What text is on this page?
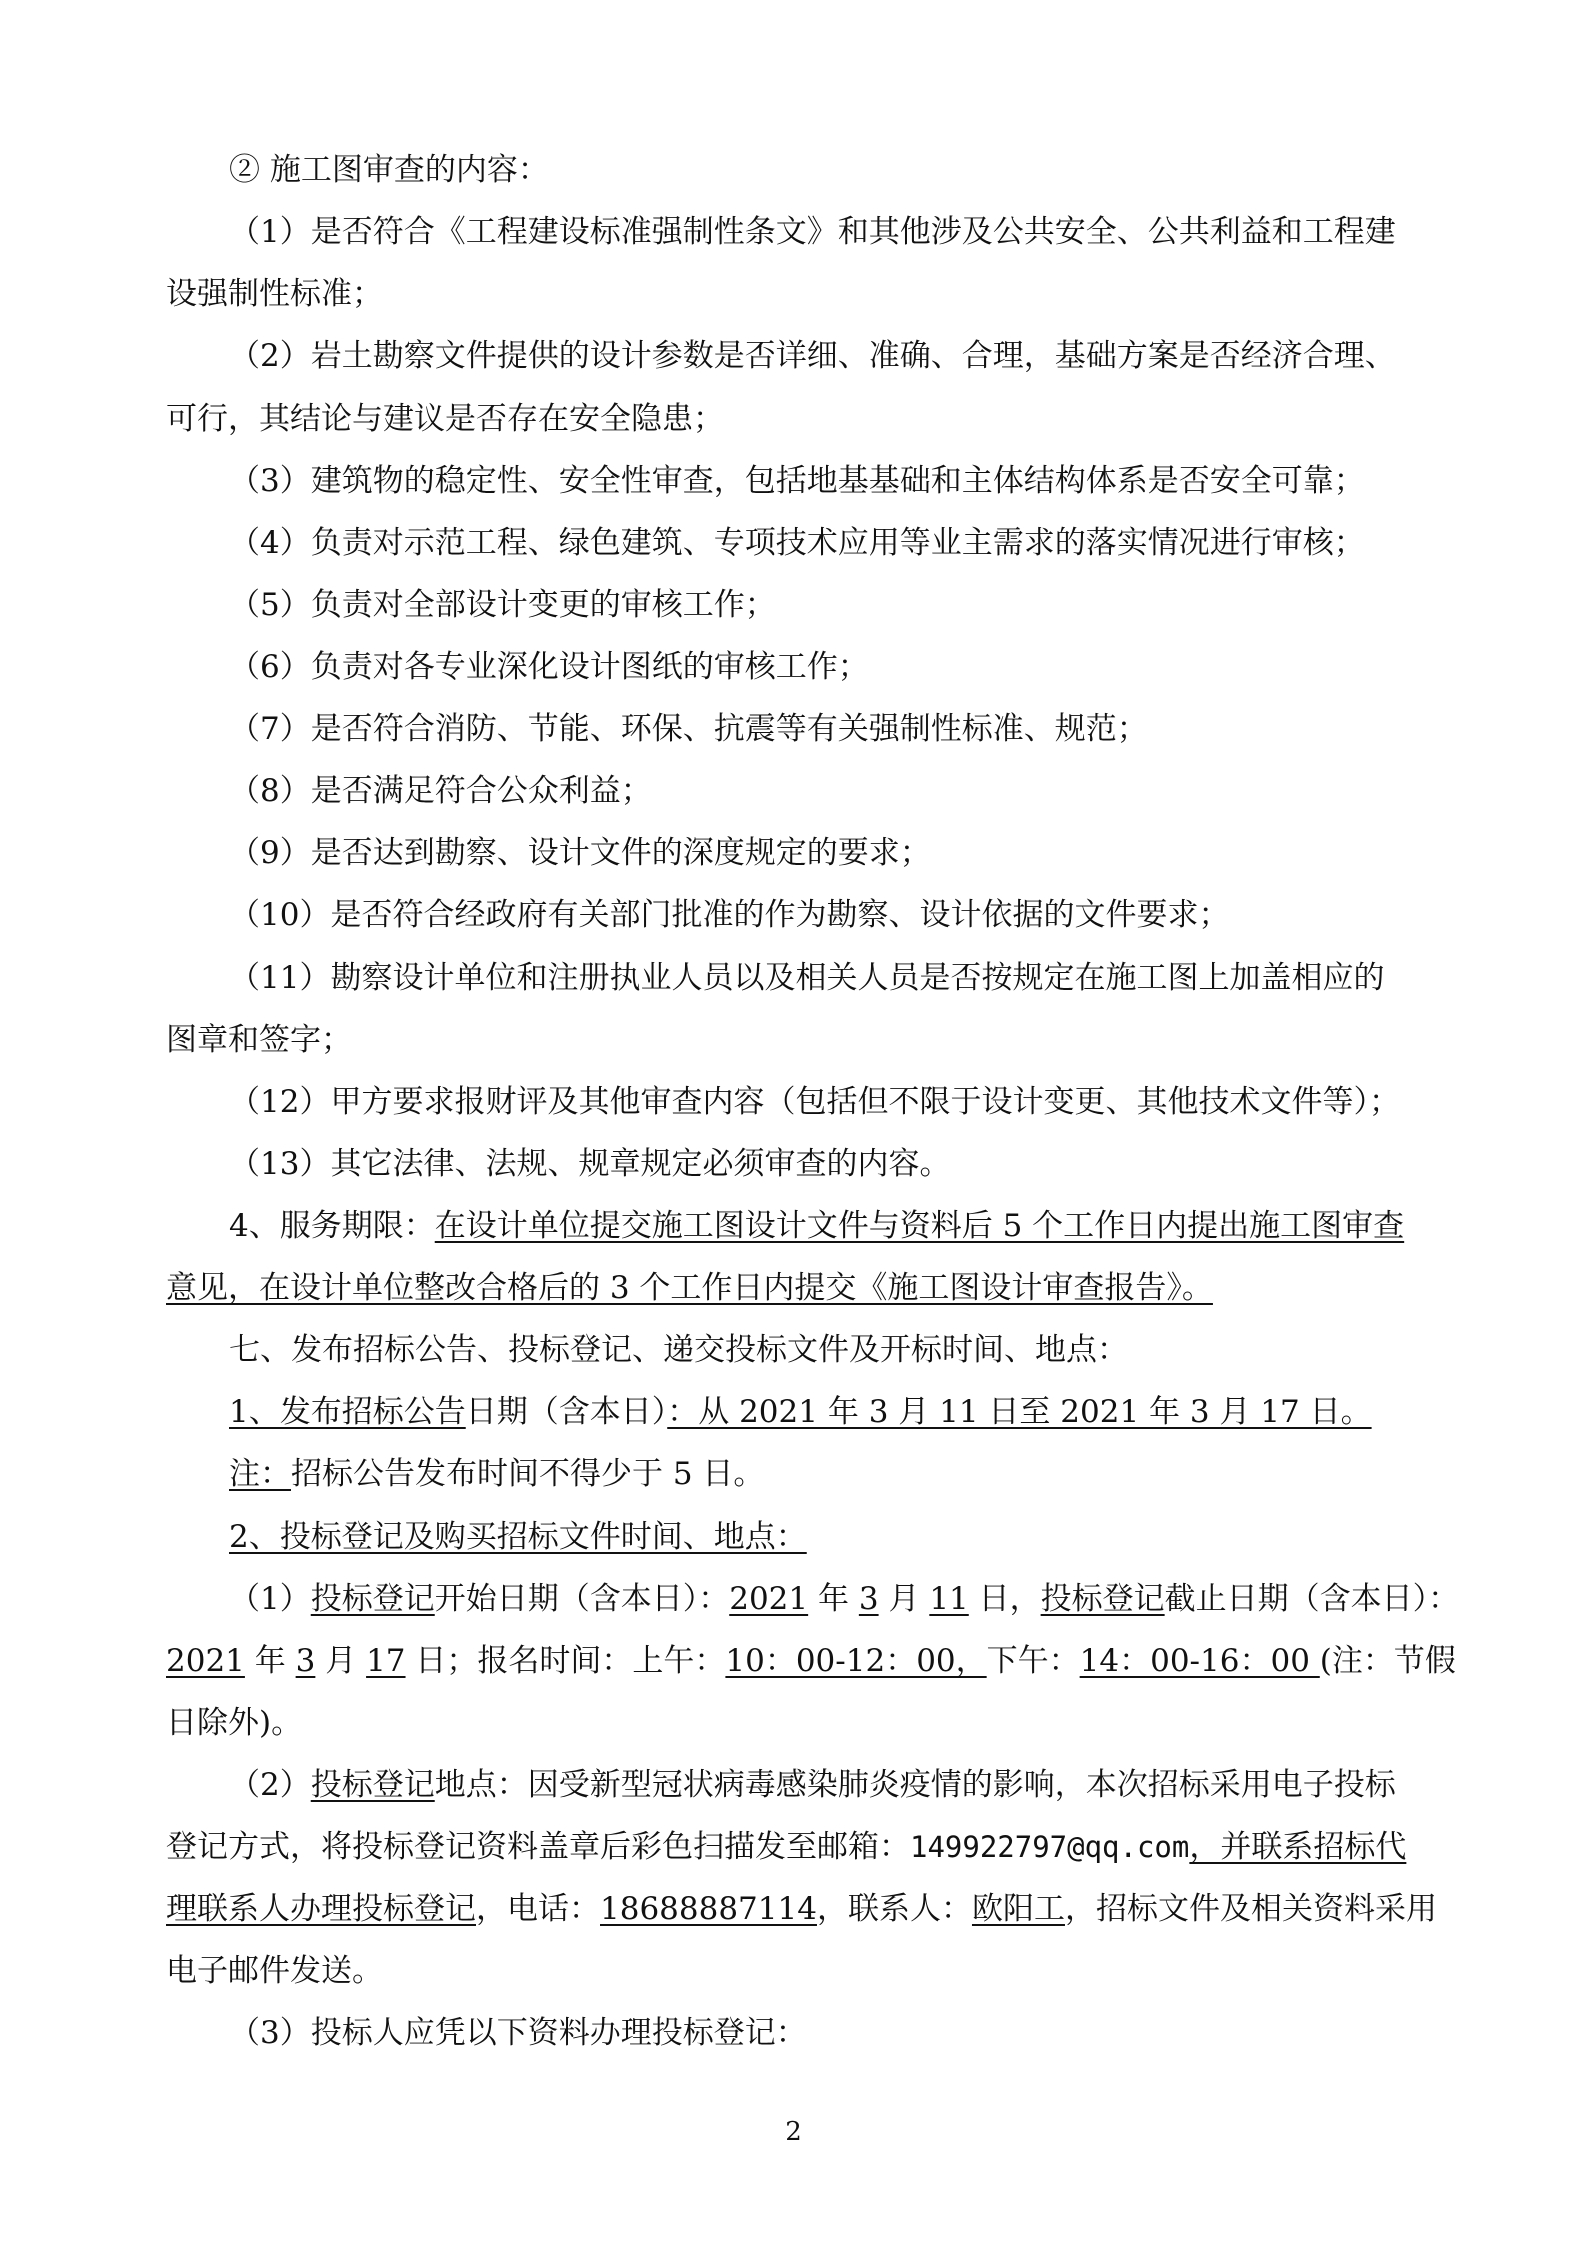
② 施工图审查的内容：
（1）是否符合《工程建设标准强制性条文》和其他涉及公共安全、公共利益和工程建
设强制性标准；
（2）岩土勘察文件提供的设计参数是否详细、准确、合理，基础方案是否经济合理、
可行，其结论与建议是否存在安全隐患；
（3）建筑物的稳定性、安全性审查，包括地基基础和主体结构体系是否安全可靠；
（4）负责对示范工程、绿色建筑、专项技术应用等业主需求的落实情况进行审核；
（5）负责对全部设计变更的审核工作；
（6）负责对各专业深化设计图纸的审核工作；
（7）是否符合消防、节能、环保、抗震等有关强制性标准、规范；
（8）是否满足符合公众利益；
（9）是否达到勘察、设计文件的深度规定的要求；
（10）是否符合经政府有关部门批准的作为勘察、设计依据的文件要求；
（11）勘察设计单位和注册执业人员以及相关人员是否按规定在施工图上加盖相应的
图章和签字；
（12）甲方要求报财评及其他审查内容（包括但不限于设计变更、其他技术文件等）；
（13）其它法律、法规、规章规定必须审查的内容。
4、服务期限：在设计单位提交施工图设计文件与资料后 5 个工作日内提出施工图审查
意见，在设计单位整改合格后的 3 个工作日内提交《施工图设计审查报告》。
七、发布招标公告、投标登记、递交投标文件及开标时间、地点：
1、发布招标公告日期（含本日）：从 2021 年 3 月 11 日至 2021 年 3 月 17 日。
注：招标公告发布时间不得少于 5 日。
2、投标登记及购买招标文件时间、地点：
（1）投标登记开始日期（含本日）：2021 年 3 月 11 日，投标登记截止日期（含本日）：
2021 年 3 月 17 日；报名时间：上午：10：00-12：00，下午：14：00-16：00 (注：节假
日除外)。
（2）投标登记地点：因受新型冠状病毒感染肺炎疫情的影响，本次招标采用电子投标
登记方式，将投标登记资料盖章后彩色扫描发至邮箱：149922797@qq.com，并联系招标代
理联系人办理投标登记，电话：18688887114，联系人：欧阳工，招标文件及相关资料采用
电子邮件发送。
（3）投标人应凭以下资料办理投标登记：
2
